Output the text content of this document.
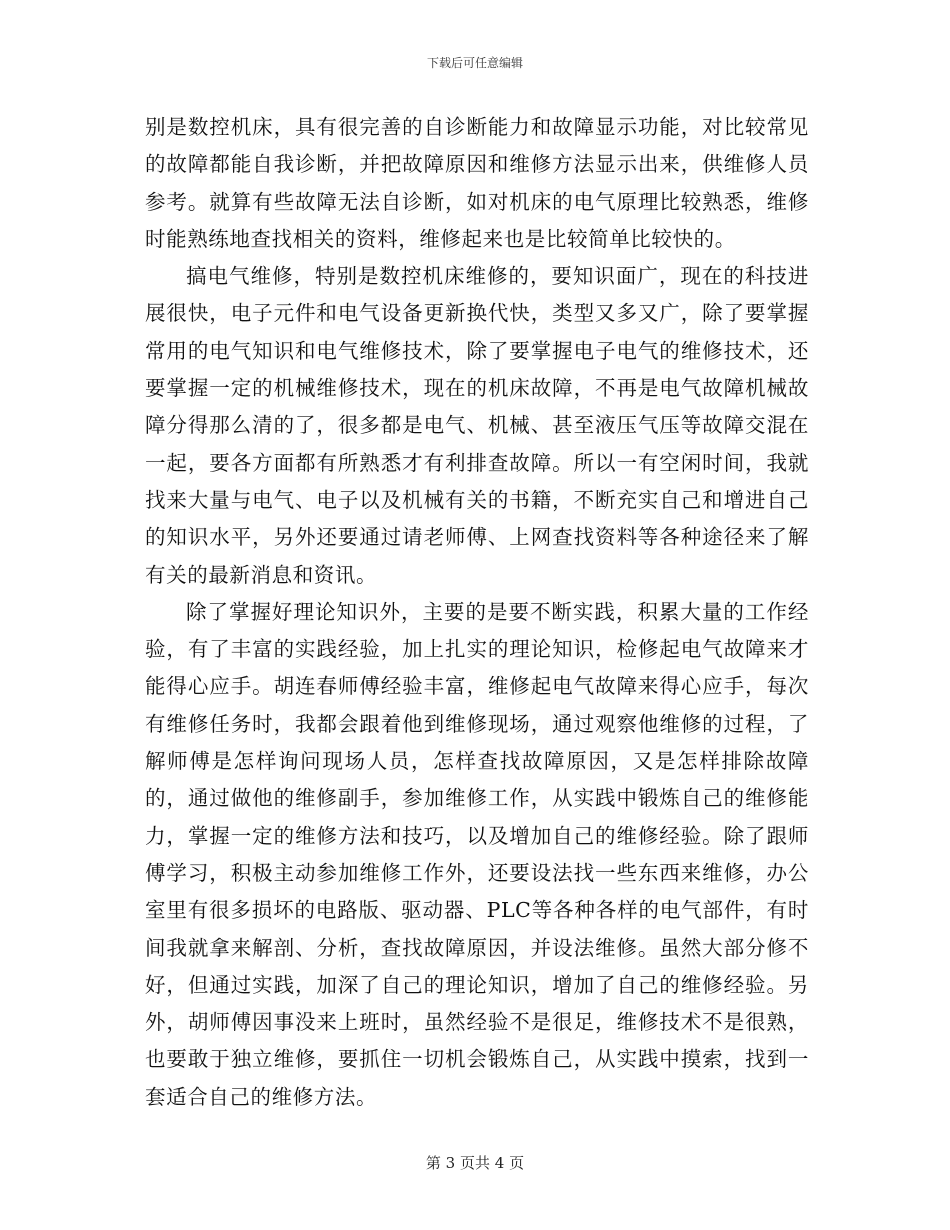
下载后可任意编辑

别是数控机床，具有很完善的自诊断能力和故障显示功能，对比较常见的故障都能自我诊断，并把故障原因和维修方法显示出来，供维修人员参考。就算有些故障无法自诊断，如对机床的电气原理比较熟悉，维修时能熟练地查找相关的资料，维修起来也是比较简单比较快的。

搞电气维修，特别是数控机床维修的，要知识面广，现在的科技进展很快，电子元件和电气设备更新换代快，类型又多又广，除了要掌握常用的电气知识和电气维修技术，除了要掌握电子电气的维修技术，还要掌握一定的机械维修技术，现在的机床故障，不再是电气故障机械故障分得那么清的了，很多都是电气、机械、甚至液压气压等故障交混在一起，要各方面都有所熟悉才有利排查故障。所以一有空闲时间，我就找来大量与电气、电子以及机械有关的书籍，不断充实自己和增进自己的知识水平，另外还要通过请老师傅、上网查找资料等各种途径来了解有关的最新消息和资讯。

除了掌握好理论知识外，主要的是要不断实践，积累大量的工作经验，有了丰富的实践经验，加上扎实的理论知识，检修起电气故障来才能得心应手。胡连春师傅经验丰富，维修起电气故障来得心应手，每次有维修任务时，我都会跟着他到维修现场，通过观察他维修的过程，了解师傅是怎样询问现场人员，怎样查找故障原因，又是怎样排除故障的，通过做他的维修副手，参加维修工作，从实践中锻炼自己的维修能力，掌握一定的维修方法和技巧，以及增加自己的维修经验。除了跟师傅学习，积极主动参加维修工作外，还要设法找一些东西来维修，办公室里有很多损坏的电路版、驱动器、PLC等各种各样的电气部件，有时间我就拿来解剖、分析，查找故障原因，并设法维修。虽然大部分修不好，但通过实践，加深了自己的理论知识，增加了自己的维修经验。另外，胡师傅因事没来上班时，虽然经验不是很足，维修技术不是很熟，也要敢于独立维修，要抓住一切机会锻炼自己，从实践中摸索，找到一套适合自己的维修方法。

第 3 页共 4 页
